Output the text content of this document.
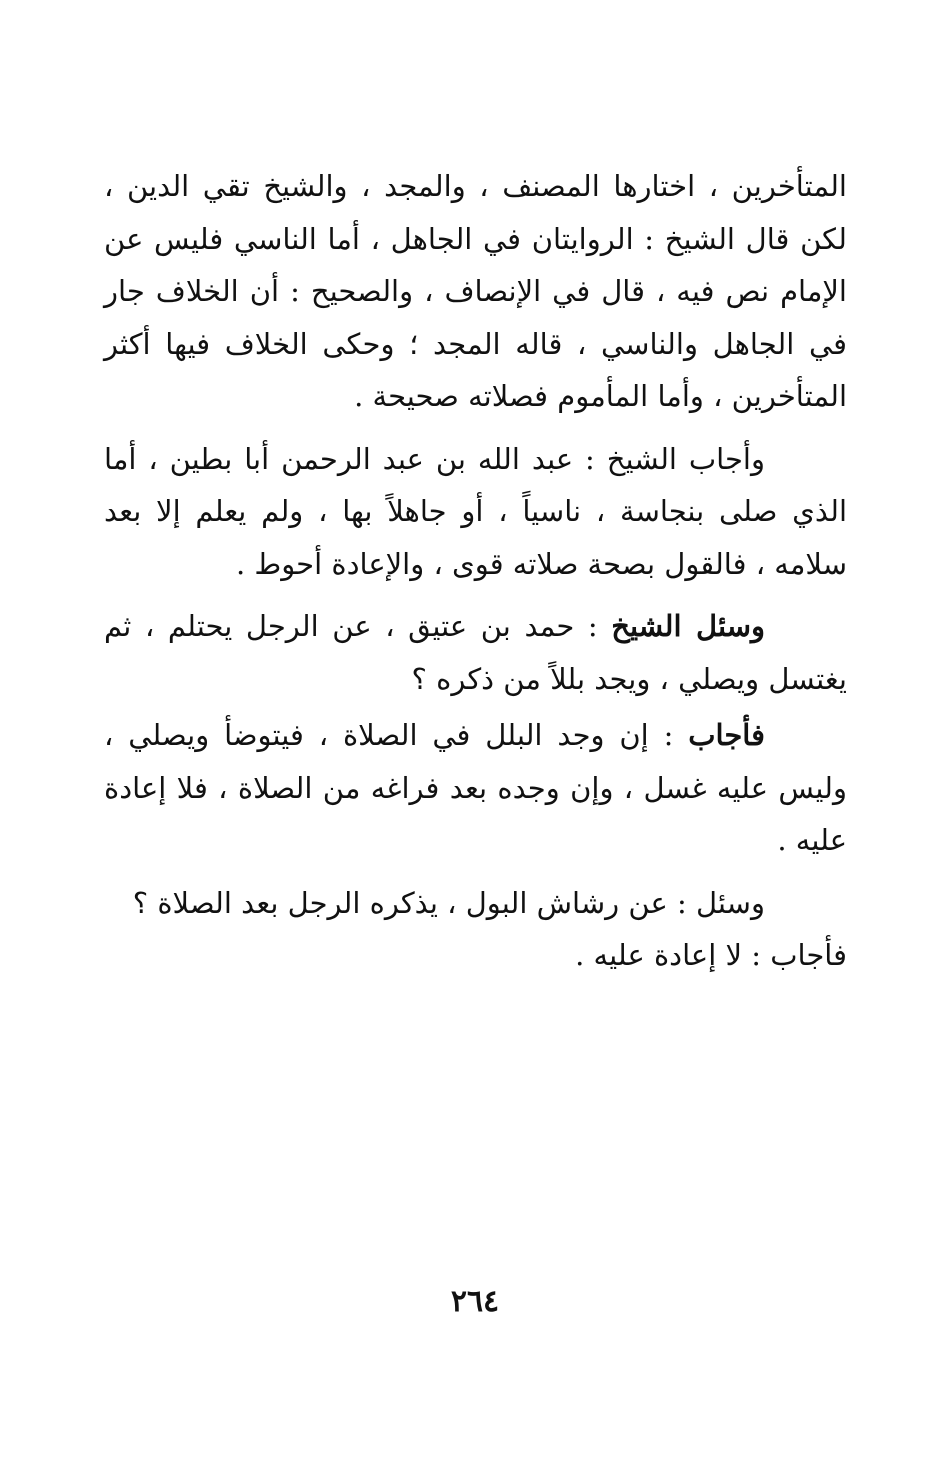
المتأخرين ، اختارها المصنف ، والمجد ، والشيخ تقي الدين ، لكن قال الشيخ : الروايتان في الجاهل ، أما الناسي فليس عن الإمام نص فيه ، قال في الإنصاف ، والصحيح : أن الخلاف جار في الجاهل والناسي ، قاله المجد ؛ وحكى الخلاف فيها أكثر المتأخرين ، وأما المأموم فصلاته صحيحة .

وأجاب الشيخ : عبد الله بن عبد الرحمن أبا بطين ، أما الذي صلى بنجاسة ، ناسياً ، أو جاهلاً بها ، ولم يعلم إلا بعد سلامه ، فالقول بصحة صلاته قوى ، والإعادة أحوط .

وسئل الشيخ : حمد بن عتيق ، عن الرجل يحتلم ، ثم يغتسل ويصلي ، ويجد بللاً من ذكره ؟

فأجاب : إن وجد البلل في الصلاة ، فيتوضأ ويصلي ، وليس عليه غسل ، وإن وجده بعد فراغه من الصلاة ، فلا إعادة عليه .

وسئل : عن رشاش البول ، يذكره الرجل بعد الصلاة ؟

فأجاب : لا إعادة عليه .

٢٦٤
